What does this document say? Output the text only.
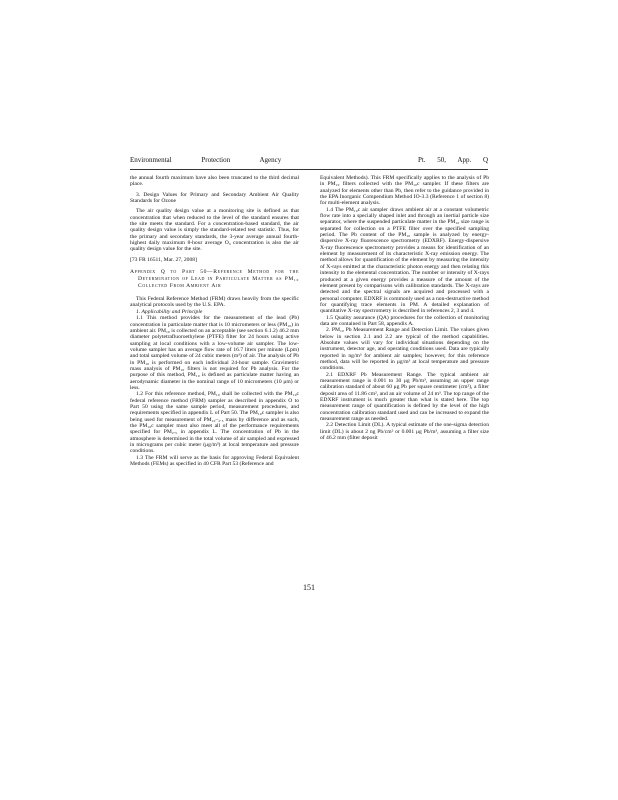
Environmental Protection Agency	Pt. 50, App. Q

the annual fourth maximum have also been truncated to the third decimal place.

3. Design Values for Primary and Secondary Ambient Air Quality Standards for Ozone

The air quality design value at a monitoring site is defined as that concentration that when reduced to the level of the standard ensures that the site meets the standard. For a concentration-based standard, the air quality design value is simply the standard-related test statistic. Thus, for the primary and secondary standards, the 3-year average annual fourth-highest daily maximum 8-hour average O₃ concentration is also the air quality design value for the site.

[73 FR 16511, Mar. 27, 2008]

Appendix Q to Part 50—Reference Method for the Determination of Lead in Particulate Matter as PM₁₀ Collected From Ambient Air

This Federal Reference Method (FRM) draws heavily from the specific analytical protocols used by the U.S. EPA.

1. Applicability and Principle

1.1 This method provides for the measurement of the lead (Pb) concentration in particulate matter that is 10 micrometers or less (PM₁₀) in ambient air. PM₁₀ is collected on an acceptable (see section 6.1.2) 46.2 mm diameter polytetrafluoroethylene (PTFE) filter for 24 hours using active sampling at local conditions with a low-volume air sampler. The low-volume sampler has an average flow rate of 16.7 liters per minute (Lpm) and total sampled volume of 24 cubic meters (m³) of air. The analysis of Pb in PM₁₀ is performed on each individual 24-hour sample. Gravimetric mass analysis of PM₁₀ filters is not required for Pb analysis. For the purpose of this method, PM₁₀ is defined as particulate matter having an aerodynamic diameter in the nominal range of 10 micrometers (10 μm) or less.

1.2 For this reference method, PM₁₀ shall be collected with the PM₁₀c federal reference method (FRM) sampler as described in appendix O to Part 50 using the same sample period, measurement procedures, and requirements specified in appendix L of Part 50. The PM₁₀c sampler is also being used for measurement of PM₁₀–₂.₅ mass by difference and as such, the PM₁₀c sampler must also meet all of the performance requirements specified for PM₂.₅ in appendix L. The concentration of Pb in the atmosphere is determined in the total volume of air sampled and expressed in micrograms per cubic meter (μg/m³) at local temperature and pressure conditions.

1.3 The FRM will serve as the basis for approving Federal Equivalent Methods (FEMs) as specified in 40 CFR Part 53 (Reference and

Equivalent Methods). This FRM specifically applies to the analysis of Pb in PM₁₀ filters collected with the PM₁₀c sampler. If these filters are analyzed for elements other than Pb, then refer to the guidance provided in the EPA Inorganic Compendium Method IO-3.3 (Reference 1 of section 8) for multi-element analysis.

1.4 The PM₁₀c air sampler draws ambient air at a constant volumetric flow rate into a specially shaped inlet and through an inertial particle size separator, where the suspended particulate matter in the PM₁₀ size range is separated for collection on a PTFE filter over the specified sampling period. The Pb content of the PM₁₀ sample is analyzed by energy-dispersive X-ray fluorescence spectrometry (EDXRF). Energy-dispersive X-ray fluorescence spectrometry provides a means for identification of an element by measurement of its characteristic X-ray emission energy. The method allows for quantification of the element by measuring the intensity of X-rays emitted at the characteristic photon energy and then relating this intensity to the elemental concentration. The number or intensity of X-rays produced at a given energy provides a measure of the amount of the element present by comparisons with calibration standards. The X-rays are detected and the spectral signals are acquired and processed with a personal computer. EDXRF is commonly used as a non-destructive method for quantifying trace elements in PM. A detailed explanation of quantitative X-ray spectrometry is described in references 2, 3 and 4.

1.5 Quality assurance (QA) procedures for the collection of monitoring data are contained in Part 58, appendix A.

2. PM₁₀ Pb Measurement Range and Detection Limit. The values given below in section 2.1 and 2.2 are typical of the method capabilities. Absolute values will vary for individual situations depending on the instrument, detector age, and operating conditions used. Data are typically reported in ng/m³ for ambient air samples; however, for this reference method, data will be reported in μg/m³ at local temperature and pressure conditions.

2.1 EDXRF Pb Measurement Range. The typical ambient air measurement range is 0.001 to 30 μg Pb/m³, assuming an upper range calibration standard of about 60 μg Pb per square centimeter (cm²), a filter deposit area of 11.86 cm², and an air volume of 24 m³. The top range of the EDXRF instrument is much greater than what is stated here. The top measurement range of quantification is defined by the level of the high concentration calibration standard used and can be increased to expand the measurement range as needed.

2.2 Detection Limit (DL). A typical estimate of the one-sigma detection limit (DL) is about 2 ng Pb/cm² or 0.001 μg Pb/m³, assuming a filter size of 46.2 mm (filter deposit

151
